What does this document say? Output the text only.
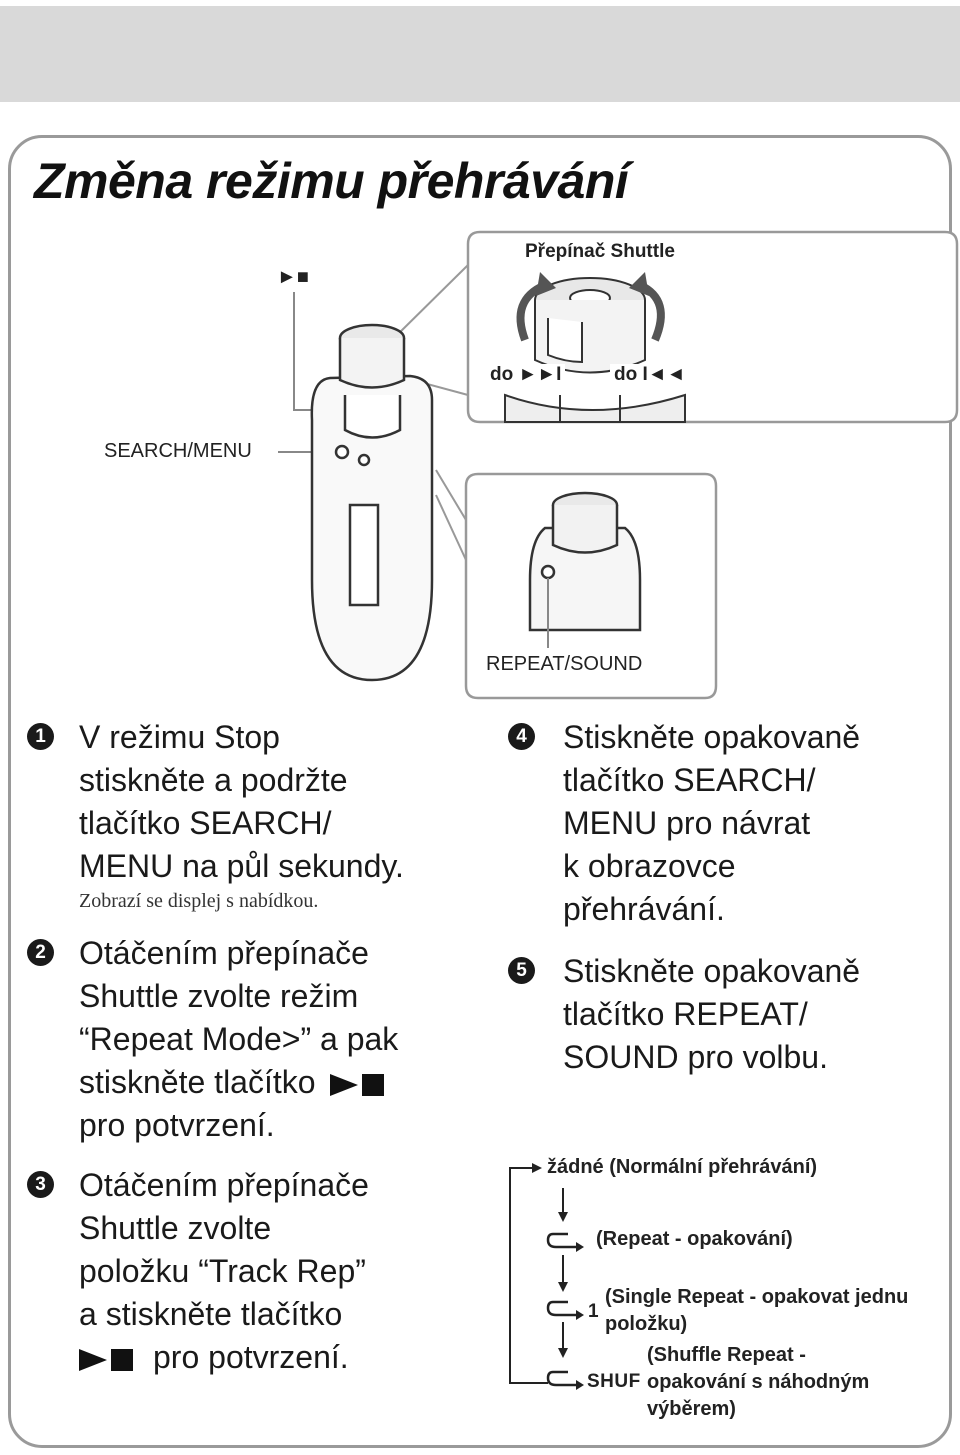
Změna režimu přehrávání
Přepínač Shuttle
►■
do ►►I	do I◄◄
SEARCH/MENU
REPEAT/SOUND
1 V režimu Stop
stiskněte a podržte
tlačítko SEARCH/
MENU na půl sekundy.
Zobrazí se displej s nabídkou.
2 Otáčením přepínače
Shuttle zvolte režim
“Repeat Mode>” a pak
stiskněte tlačítko
pro potvrzení.
3 Otáčením přepínače
Shuttle zvolte
položku “Track Rep”
a stiskněte tlačítko
pro potvrzení.
4 Stiskněte opakovaně
tlačítko SEARCH/
MENU pro návrat
k obrazovce
přehrávání.
5 Stiskněte opakovaně
tlačítko REPEAT/
SOUND pro volbu.
žádné (Normální přehrávání)
(Repeat - opakování)
1
(Single Repeat - opakovat jednu
položku)
SHUF
(Shuffle Repeat -
opakování s náhodným
výběrem)
